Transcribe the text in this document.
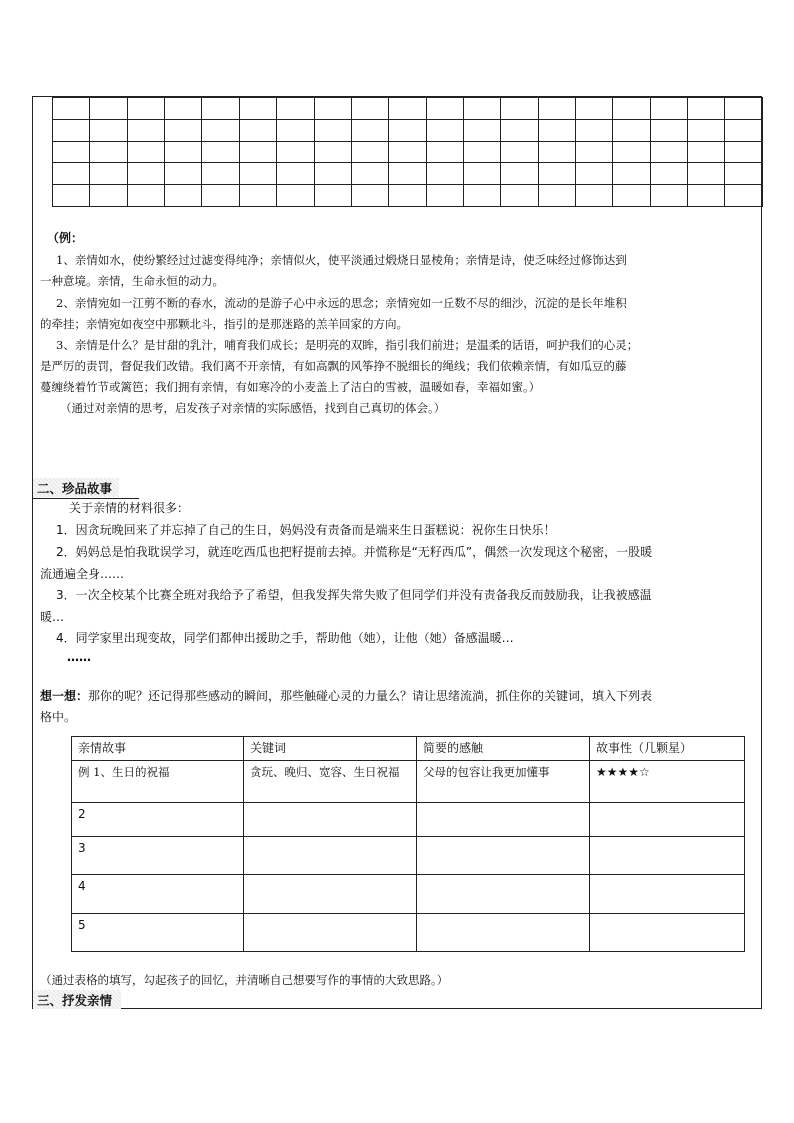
（例：
1、亲情如水，使纷繁经过过滤变得纯净；亲情似火，使平淡通过煅烧日显棱角；亲情是诗，使乏味经过修饰达到
一种意境。亲情，生命永恒的动力。
2、亲情宛如一江剪不断的春水，流动的是游子心中永远的思念；亲情宛如一丘数不尽的细沙，沉淀的是长年堆积
的牵挂；亲情宛如夜空中那颗北斗，指引的是那迷路的羔羊回家的方向。
3、亲情是什么？是甘甜的乳汁，哺育我们成长；是明亮的双眸，指引我们前进；是温柔的话语，呵护我们的心灵；
是严厉的责罚，督促我们改错。我们离不开亲情，有如高飘的风筝挣不脱细长的绳线；我们依赖亲情，有如瓜豆的藤
蔓缠绕着竹节或篱笆；我们拥有亲情，有如寒冷的小麦盖上了洁白的雪被，温暖如春，幸福如蜜。）
（通过对亲情的思考，启发孩子对亲情的实际感悟，找到自己真切的体会。）
二、珍品故事
关于亲情的材料很多：
1．因贪玩晚回来了并忘掉了自己的生日，妈妈没有责备而是端来生日蛋糕说：祝你生日快乐！
2．妈妈总是怕我耽误学习，就连吃西瓜也把籽提前去掉。并慌称是“无籽西瓜”，偶然一次发现这个秘密，一股暖
流通遍全身……
3．一次全校某个比赛全班对我给予了希望，但我发挥失常失败了但同学们并没有责备我反而鼓励我，让我被感温
暖…
4．同学家里出现变故，同学们都伸出援助之手，帮助他（她），让他（她）备感温暖…
……
想一想：那你的呢？还记得那些感动的瞬间，那些触碰心灵的力量么？请让思绪流淌，抓住你的关键词，填入下列表
格中。
亲情故事	关键词	简要的感触	故事性（几颗星）
例 1、生日的祝福	贪玩、晚归、宽容、生日祝福	父母的包容让我更加懂事	★★★★☆
2			
3			
4			
5			
（通过表格的填写，勾起孩子的回忆，并清晰自己想要写作的事情的大致思路。）
三、抒发亲情
